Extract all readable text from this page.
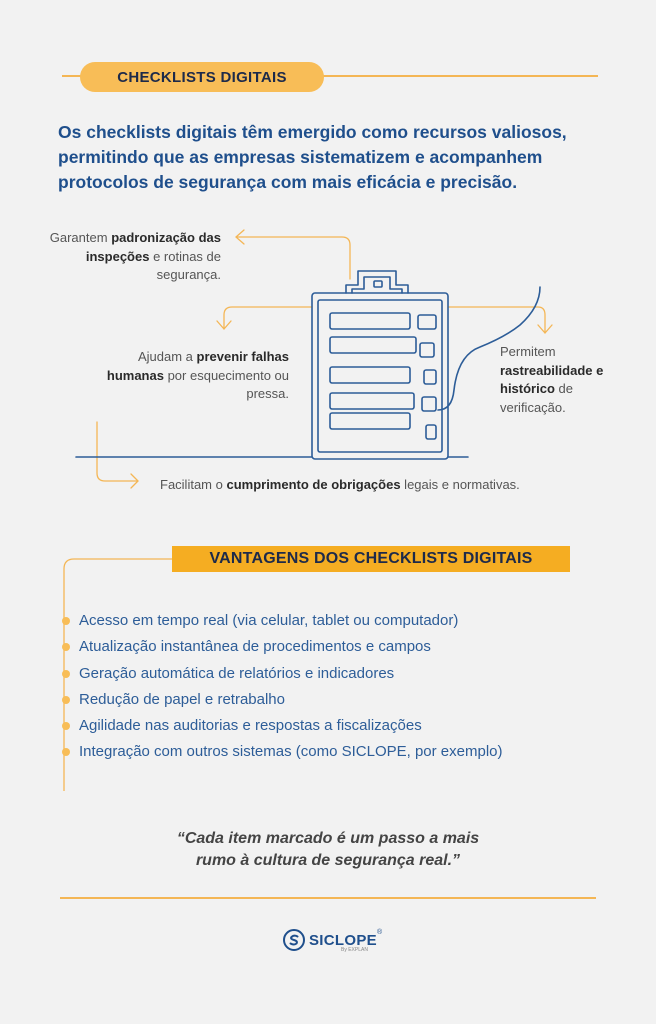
CHECKLISTS DIGITAIS
Os checklists digitais têm emergido como recursos valiosos, permitindo que as empresas sistematizem e acompanhem protocolos de segurança com mais eficácia e precisão.
Garantem padronização das inspeções e rotinas de segurança.
Ajudam a prevenir falhas humanas por esquecimento ou pressa.
Permitem rastreabilidade e histórico de verificação.
Facilitam o cumprimento de obrigações legais e normativas.
VANTAGENS DOS CHECKLISTS DIGITAIS
Acesso em tempo real (via celular, tablet ou computador)
Atualização instantânea de procedimentos e campos
Geração automática de relatórios e indicadores
Redução de papel e retrabalho
Agilidade nas auditorias e respostas a fiscalizações
Integração com outros sistemas (como SICLOPE, por exemplo)
“Cada item marcado é um passo a mais
rumo à cultura de segurança real.”
SICLOPE ®
By EXPLAN
